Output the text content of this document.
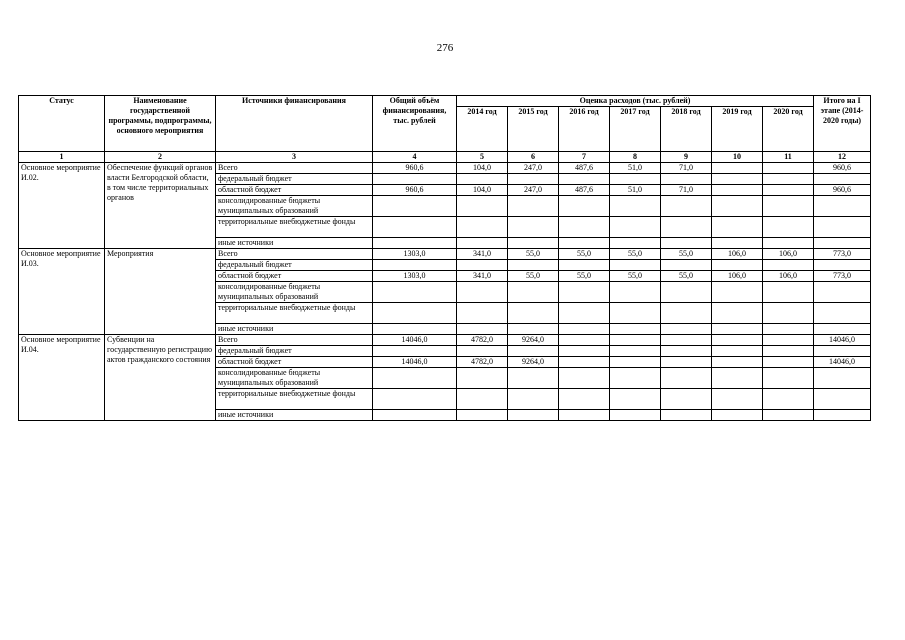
276
Статус	Наименование государственной программы, подпрограммы, основного мероприятия	Источники финансирования	Общий объём финансирования, тыс. рублей	Оценка расходов (тыс. рублей)							Итого на I этапе (2014-2020 годы)
				2014 год	2015 год	2016 год	2017 год	2018 год	2019 год	2020 год	
1	2	3	4	5	6	7	8	9	10	11	12
Основное мероприятие И.02.	Обеспечение функций органов власти Белгородской области, в том числе территориальных органов	Всего	960,6	104,0	247,0	487,6	51,0	71,0			960,6
		федеральный бюджет									
		областной бюджет	960,6	104,0	247,0	487,6	51,0	71,0			960,6
		консолидированные бюджеты муниципальных образований									
		территориальные внебюджетные фонды									
		иные источники									
Основное мероприятие И.03.	Мероприятия	Всего	1303,0	341,0	55,0	55,0	55,0	55,0	106,0	106,0	773,0
		федеральный бюджет									
		областной бюджет	1303,0	341,0	55,0	55,0	55,0	55,0	106,0	106,0	773,0
		консолидированные бюджеты муниципальных образований									
		территориальные внебюджетные фонды									
		иные источники									
Основное мероприятие И.04.	Субвенции на государственную регистрацию актов гражданского состояния	Всего	14046,0	4782,0	9264,0						14046,0
		федеральный бюджет									
		областной бюджет	14046,0	4782,0	9264,0						14046,0
		консолидированные бюджеты муниципальных образований									
		территориальные внебюджетные фонды									
		иные источники									
